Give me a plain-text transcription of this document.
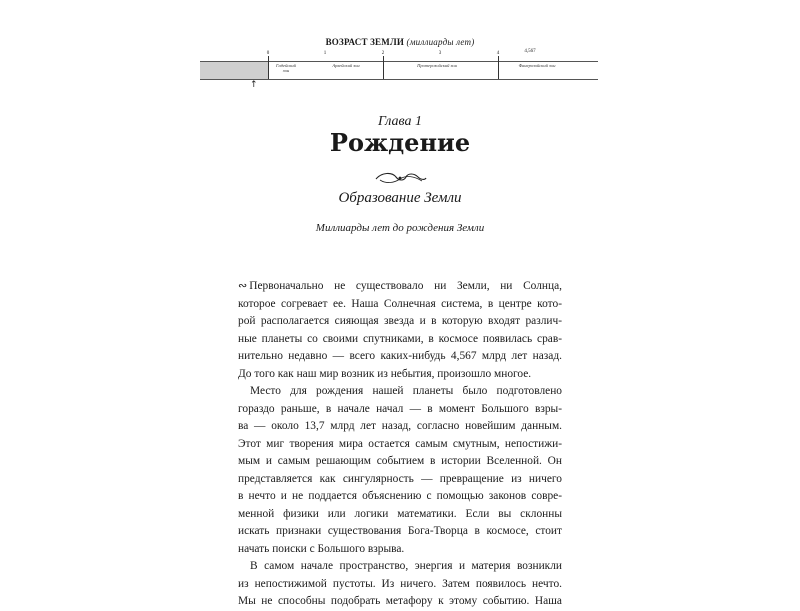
ВОЗРАСТ ЗЕМЛИ (миллиарды лет)
0	1	2	3	4	4,567
Гадейский эон
Архейский эон	Протерозойский эон	Фанерозойский эон
↑
Глава 1
Рождение
Образование Земли
Миллиарды лет до рождения Земли

∾ Первоначально не существовало ни Земли, ни Солнца,
которое согревает ее. Наша Солнечная система, в центре кото-
рой располагается сияющая звезда и в которую входят различ-
ные планеты со своими спутниками, в космосе появилась срав-
нительно недавно — всего каких-нибудь 4,567 млрд лет назад.
До того как наш мир возник из небытия, произошло многое.

Место для рождения нашей планеты было подготовлено
гораздо раньше, в начале начал — в момент Большого взры-
ва — около 13,7 млрд лет назад, согласно новейшим данным.
Этот миг творения мира остается самым смутным, непостижи-
мым и самым решающим событием в истории Вселенной. Он
представляется как сингулярность — превращение из ничего
в нечто и не поддается объяснению с помощью законов совре-
менной физики или логики математики. Если вы склонны
искать признаки существования Бога-Творца в космосе, стоит
начать поиски с Большого взрыва.

В самом начале пространство, энергия и материя возникли
из непостижимой пустоты. Из ничего. Затем появилось нечто.
Мы не способны подобрать метафору к этому событию. Наша
